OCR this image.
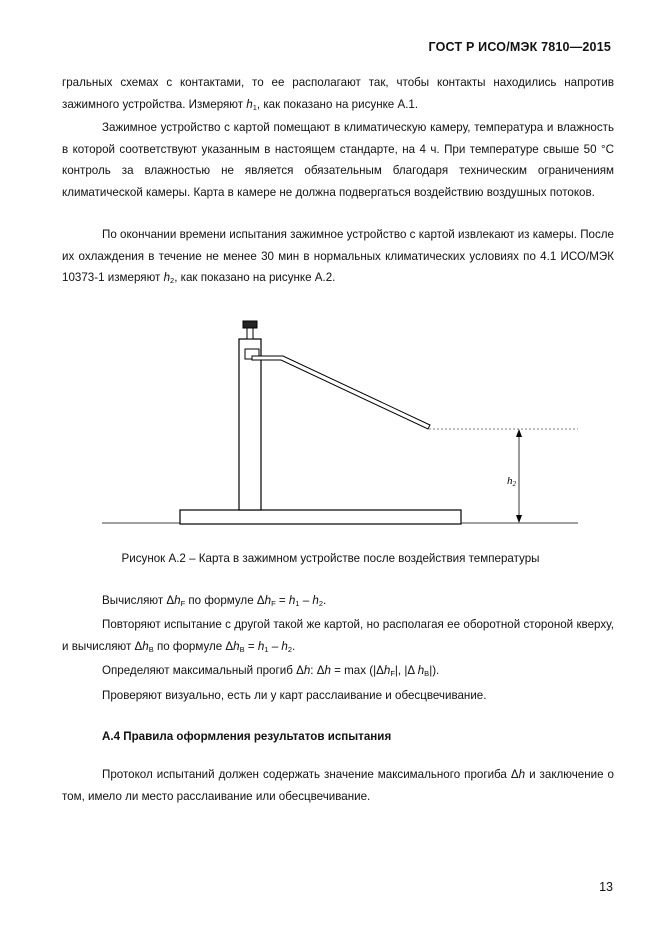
ГОСТ Р ИСО/МЭК 7810—2015

гральных схемах с контактами, то ее располагают так, чтобы контакты находились напротив зажимного устройства. Измеряют $h_1$, как показано на рисунке А.1.

Зажимное устройство с картой помещают в климатическую камеру, температура и влажность в которой соответствуют указанным в настоящем стандарте, на 4 ч. При температуре свыше 50 °С контроль за влажностью не является обязательным благодаря техническим ограничениям климатической камеры. Карта в камере не должна подвергаться воздействию воздушных потоков.

По окончании времени испытания зажимное устройство с картой извлекают из камеры. После их охлаждения в течение не менее 30 мин в нормальных климатических условиях по 4.1 ИСО/МЭК 10373-1 измеряют $h_2$, как показано на рисунке А.2.

h2
Рисунок А.2 – Карта в зажимном устройстве после воздействия температуры

Вычисляют $\Delta h_F$ по формуле $\Delta h_F = h_1 - h_2$.

Повторяют испытание с другой такой же картой, но располагая ее оборотной стороной кверху, и вычисляют $\Delta h_B$ по формуле $\Delta h_B = h_1 - h_2$.

Определяют максимальный прогиб Δh: $\Delta h = \max (|\Delta h_F|$, |Δ $h_B|$).

Проверяют визуально, есть ли у карт расслаивание и обесцвечивание.

А.4 Правила оформления результатов испытания

Протокол испытаний должен содержать значение максимального прогиба Δh и заключение о том, имело ли место расслаивание или обесцвечивание.

13
